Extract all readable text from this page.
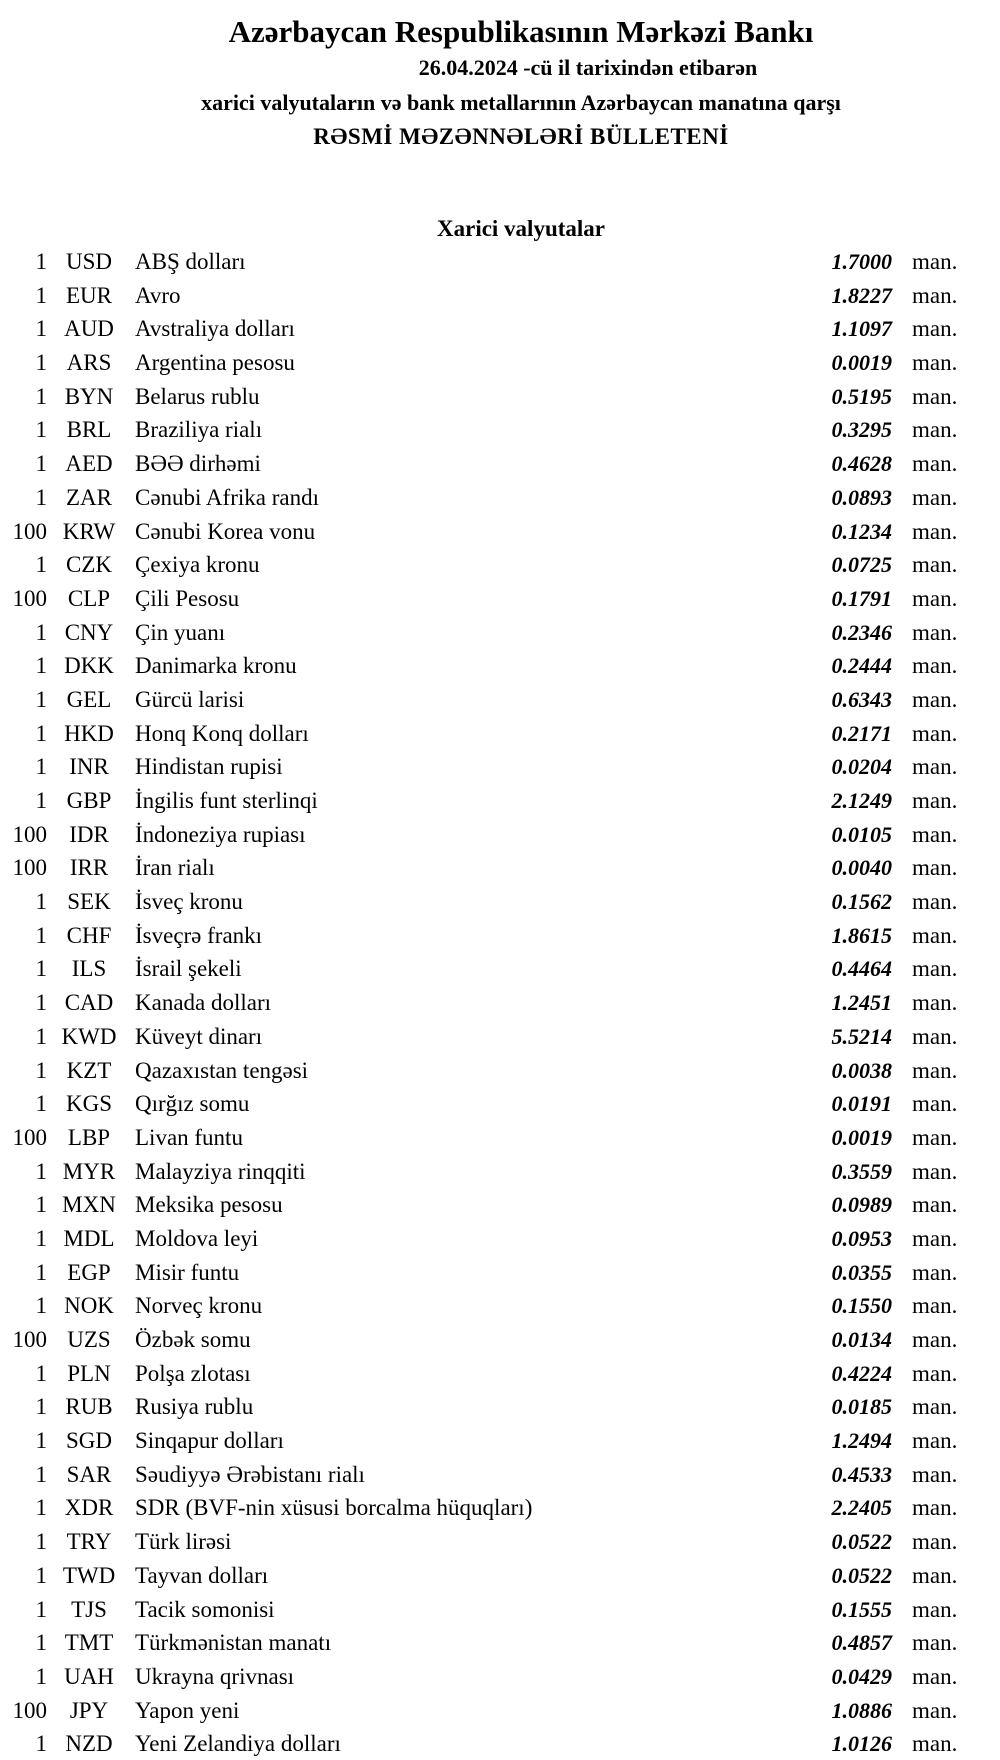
Azərbaycan Respublikasının Mərkəzi Bankı
26.04.2024 -cü il tarixindən etibarən
xarici valyutaların və bank metallarının Azərbaycan manatına qarşı
RƏSMİ MƏZƏNNƏLƏRİ BÜLLETENİ
Xarici valyutalar
1 USD	ABŞ dolları	1.7000 man.
1 EUR	Avro	1.8227 man.
1 AUD Avstraliya dolları	1.1097 man.
1 ARS	Argentina pesosu	0.0019 man.
1 BYN Belarus rublu	0.5195 man.
1 BRL	Braziliya rialı	0.3295 man.
1 AED BƏƏ dirhəmi	0.4628 man.
1 ZAR	Cənubi Afrika randı	0.0893 man.
100 KRW Cənubi Korea vonu	0.1234 man.
1 CZK	Çexiya kronu	0.0725 man.
100 CLP	Çili Pesosu	0.1791 man.
1 CNY Çin yuanı	0.2346 man.
1 DKK Danimarka kronu	0.2444 man.
1 GEL	Gürcü larisi	0.6343 man.
1 HKD Honq Konq dolları	0.2171 man.
1 INR	Hindistan rupisi	0.0204 man.
1 GBP	İngilis funt sterlinqi	2.1249 man.
100 IDR	İndoneziya rupiası	0.0105 man.
100 IRR	İran rialı	0.0040 man.
1 SEK	İsveç kronu	0.1562 man.
1 CHF	İsveçrə frankı	1.8615 man.
1	ILS	İsrail şekeli	0.4464 man.
1 CAD Kanada dolları	1.2451 man.
1 KWD Küveyt dinarı	5.5214 man.
1 KZT	Qazaxıstan tengəsi	0.0038 man.
1 KGS	Qırğız somu	0.0191 man.
100 LBP	Livan funtu	0.0019 man.
1 MYR Malayziya rinqqiti	0.3559 man.
1 MXN Meksika pesosu	0.0989 man.
1 MDL Moldova leyi	0.0953 man.
1 EGP	Misir funtu	0.0355 man.
1 NOK Norveç kronu	0.1550 man.
100 UZS	Özbək somu	0.0134 man.
1 PLN	Polşa zlotası	0.4224 man.
1 RUB Rusiya rublu	0.0185 man.
1 SGD	Sinqapur dolları	1.2494 man.
1 SAR	Səudiyyə Ərəbistanı rialı	0.4533 man.
1 XDR SDR (BVF-nin xüsusi borcalma hüquqları)	2.2405 man.
1 TRY	Türk lirəsi	0.0522 man.
1 TWD Tayvan dolları	0.0522 man.
1	TJS	Tacik somonisi	0.1555 man.
1 TMT Türkmənistan manatı	0.4857 man.
1 UAH Ukrayna qrivnası	0.0429 man.
100 JPY	Yapon yeni	1.0886 man.
1 NZD Yeni Zelandiya dolları	1.0126 man.
